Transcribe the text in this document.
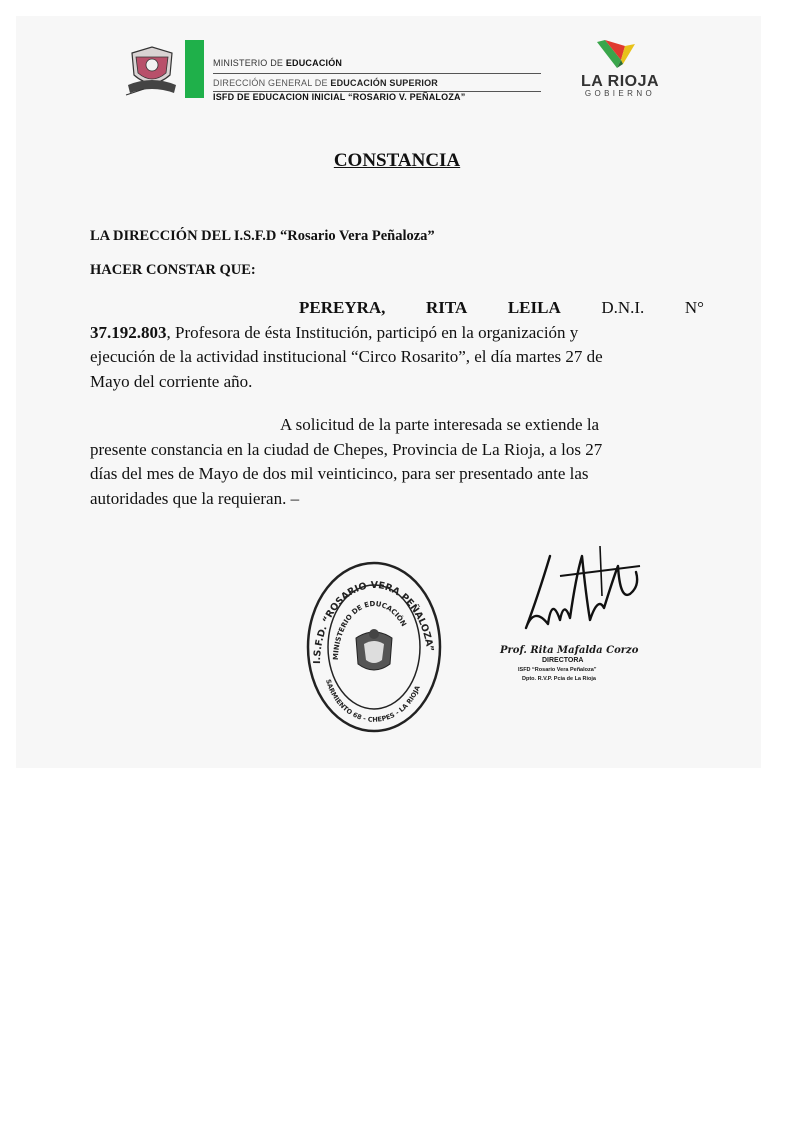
MINISTERIO DE EDUCACIÓN
DIRECCIÓN GENERAL DE EDUCACIÓN SUPERIOR
ISFD DE EDUCACION INICIAL “ROSARIO V. PEÑALOZA”
LA RIOJA
GOBIERNO
CONSTANCIA
LA DIRECCIÓN DEL I.S.F.D “Rosario Vera Peñaloza”
HACER CONSTAR QUE:
PEREYRA, RITA LEILA D.N.I. N°
37.192.803, Profesora de ésta Institución, participó en la organización y
ejecución de la actividad institucional “Circo Rosarito”, el día martes 27 de
Mayo del corriente año.
A solicitud de la parte interesada se extiende la
presente constancia en la ciudad de Chepes, Provincia de La Rioja, a los 27
días del mes de Mayo de dos mil veinticinco, para ser presentado ante las
autoridades que la requieran. –
I.S.F.D. “ROSARIO VERA PEÑALOZA”
MINISTERIO DE EDUCACIÓN
SARMIENTO 68 - CHEPES - LA RIOJA
Prof. Rita Mafalda Corzo
DIRECTORA
ISFD “Rosario Vera Peñaloza”
Dpto. R.V.P. Pcia de La Rioja
